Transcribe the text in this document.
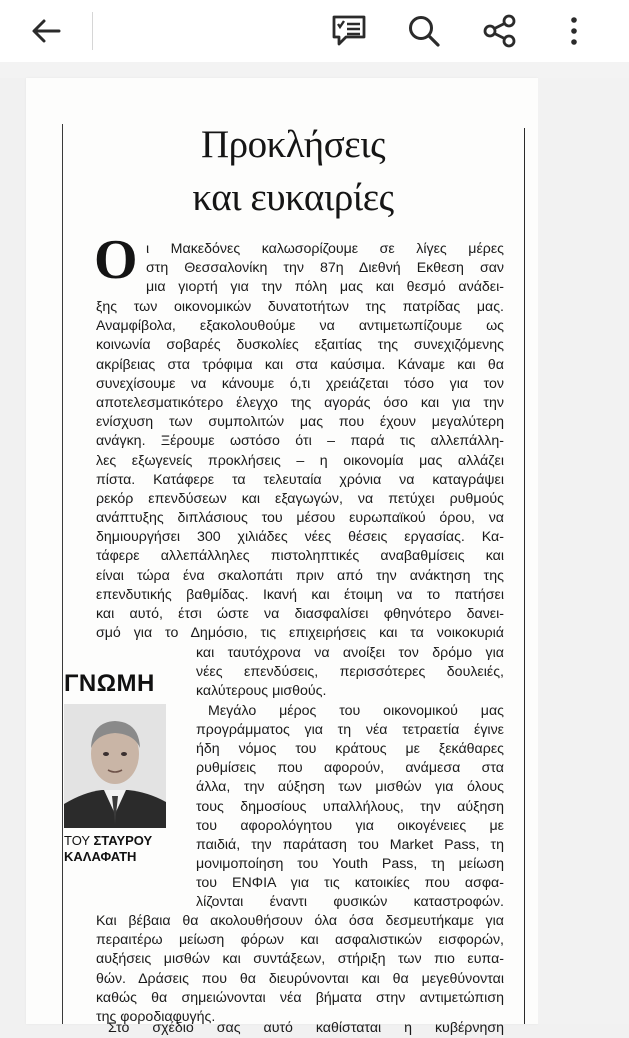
Προκλήσεις
και ευκαιρίες
Ο ι Μακεδόνες καλωσορίζουμε σε λίγες μέρες
στη Θεσσαλονίκη την 87η Διεθνή Εκθεση σαν
μια γιορτή για την πόλη μας και θεσμό ανάδει-
ξης των οικονομικών δυνατοτήτων της πατρίδας μας.
Αναμφίβολα, εξακολουθούμε να αντιμετωπίζουμε ως
κοινωνία σοβαρές δυσκολίες εξαιτίας της συνεχιζόμενης
ακρίβειας στα τρόφιμα και στα καύσιμα. Κάναμε και θα
συνεχίσουμε να κάνουμε ό,τι χρειάζεται τόσο για τον
αποτελεσματικότερο έλεγχο της αγοράς όσο και για την
ενίσχυση των συμπολιτών μας που έχουν μεγαλύτερη
ανάγκη. Ξέρουμε ωστόσο ότι – παρά τις αλλεπάλλη-
λες εξωγενείς προκλήσεις – η οικονομία μας αλλάζει
πίστα. Κατάφερε τα τελευταία χρόνια να καταγράψει
ρεκόρ επενδύσεων και εξαγωγών, να πετύχει ρυθμούς
ανάπτυξης διπλάσιους του μέσου ευρωπαϊκού όρου, να
δημιουργήσει 300 χιλιάδες νέες θέσεις εργασίας. Κα-
τάφερε αλλεπάλληλες πιστοληπτικές αναβαθμίσεις και
είναι τώρα ένα σκαλοπάτι πριν από την ανάκτηση της
επενδυτικής βαθμίδας. Ικανή και έτοιμη να το πατήσει
και αυτό, έτσι ώστε να διασφαλίσει φθηνότερο δανει-
σμό για το Δημόσιο, τις επιχειρήσεις και τα νοικοκυριά
ΓΝΩΜΗ
ΤΟΥ ΣΤΑΥΡΟΥ
ΚΑΛΑΦΑΤΗ
και ταυτόχρονα να ανοίξει τον δρόμο για
νέες επενδύσεις, περισσότερες δουλειές,
καλύτερους μισθούς.
Μεγάλο μέρος του οικονομικού μας
προγράμματος για τη νέα τετραετία έγινε
ήδη νόμος του κράτους με ξεκάθαρες
ρυθμίσεις που αφορούν, ανάμεσα στα
άλλα, την αύξηση των μισθών για όλους
τους δημοσίους υπαλλήλους, την αύξηση
του αφορολόγητου για οικογένειες με
παιδιά, την παράταση του Market Pass, τη
μονιμοποίηση του Youth Pass, τη μείωση
του ΕΝΦΙΑ για τις κατοικίες που ασφα-
λίζονται έναντι φυσικών καταστροφών.
Και βέβαια θα ακολουθήσουν όλα όσα δεσμευτήκαμε για
περαιτέρω μείωση φόρων και ασφαλιστικών εισφορών,
αυξήσεις μισθών και συντάξεων, στήριξη των πιο ευπα-
θών. Δράσεις που θα διευρύνονται και θα μεγεθύνονται
καθώς θα σημειώνονται νέα βήματα στην αντιμετώπιση
της φοροδιαφυγής.
Στο σχέδιο σας αυτό καθίσταται η κυβέρνηση
